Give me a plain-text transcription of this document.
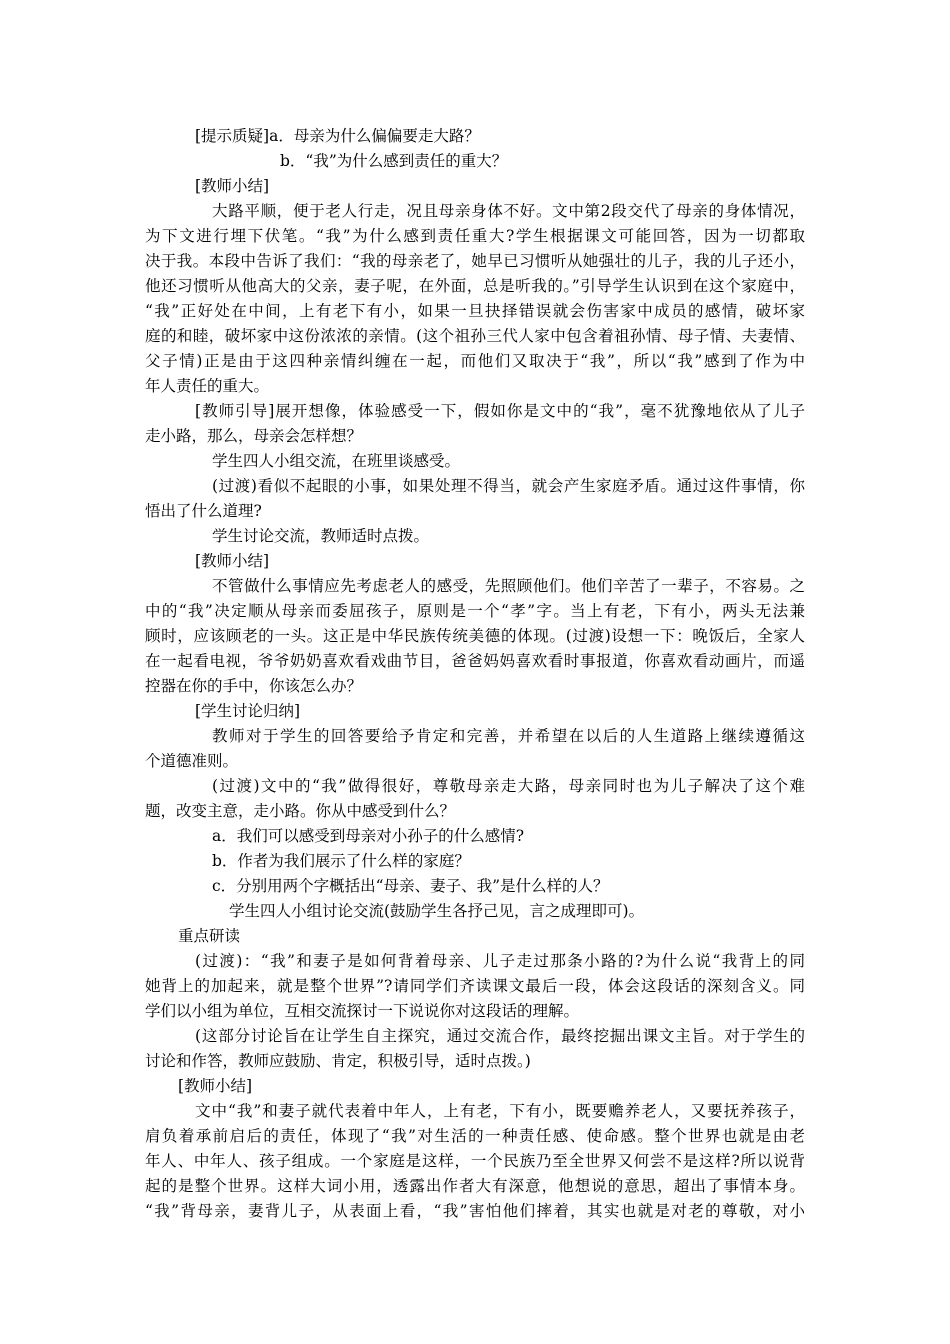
[提示质疑]a．母亲为什么偏偏要走大路？
b．“我”为什么感到责任的重大？
[教师小结]
大路平顺，便于老人行走，况且母亲身体不好。文中第2段交代了母亲的身体情况，
为下文进行埋下伏笔。“我”为什么感到责任重大?学生根据课文可能回答，因为一切都取
决于我。本段中告诉了我们：“我的母亲老了，她早已习惯听从她强壮的儿子，我的儿子还小，
他还习惯听从他高大的父亲，妻子呢，在外面，总是听我的。”引导学生认识到在这个家庭中，
“我”正好处在中间，上有老下有小，如果一旦抉择错误就会伤害家中成员的感情，破坏家
庭的和睦，破坏家中这份浓浓的亲情。(这个祖孙三代人家中包含着祖孙情、母子情、夫妻情、
父子情)正是由于这四种亲情纠缠在一起，而他们又取决于“我”，所以“我”感到了作为中
年人责任的重大。
[教师引导]展开想像，体验感受一下，假如你是文中的“我”，毫不犹豫地依从了儿子
走小路，那么，母亲会怎样想？
学生四人小组交流，在班里谈感受。
(过渡)看似不起眼的小事，如果处理不得当，就会产生家庭矛盾。通过这件事情，你
悟出了什么道理?
学生讨论交流，教师适时点拨。
[教师小结]
不管做什么事情应先考虑老人的感受，先照顾他们。他们辛苦了一辈子，不容易。之
中的“我”决定顺从母亲而委屈孩子，原则是一个“孝”字。当上有老，下有小，两头无法兼
顾时，应该顾老的一头。这正是中华民族传统美德的体现。(过渡)设想一下：晚饭后，全家人
在一起看电视，爷爷奶奶喜欢看戏曲节目，爸爸妈妈喜欢看时事报道，你喜欢看动画片，而遥
控器在你的手中，你该怎么办？
[学生讨论归纳]
教师对于学生的回答要给予肯定和完善，并希望在以后的人生道路上继续遵循这
个道德准则。
(过渡)文中的“我”做得很好，尊敬母亲走大路，母亲同时也为儿子解决了这个难
题，改变主意，走小路。你从中感受到什么？
a．我们可以感受到母亲对小孙子的什么感情?
b．作者为我们展示了什么样的家庭？
c．分别用两个字概括出“母亲、妻子、我”是什么样的人？
学生四人小组讨论交流(鼓励学生各抒己见，言之成理即可)。
重点研读
(过渡)：“我”和妻子是如何背着母亲、儿子走过那条小路的?为什么说“我背上的同
她背上的加起来，就是整个世界”?请同学们齐读课文最后一段，体会这段话的深刻含义。同
学们以小组为单位，互相交流探讨一下说说你对这段话的理解。
(这部分讨论旨在让学生自主探究，通过交流合作，最终挖掘出课文主旨。对于学生的
讨论和作答，教师应鼓励、肯定，积极引导，适时点拨。)
[教师小结]
文中“我”和妻子就代表着中年人，上有老，下有小，既要赡养老人，又要抚养孩子，
肩负着承前启后的责任，体现了“我”对生活的一种责任感、使命感。整个世界也就是由老
年人、中年人、孩子组成。一个家庭是这样，一个民族乃至全世界又何尝不是这样?所以说背
起的是整个世界。这样大词小用，透露出作者大有深意，他想说的意思，超出了事情本身。
“我”背母亲，妻背儿子，从表面上看，“我”害怕他们摔着，其实也就是对老的尊敬，对小
